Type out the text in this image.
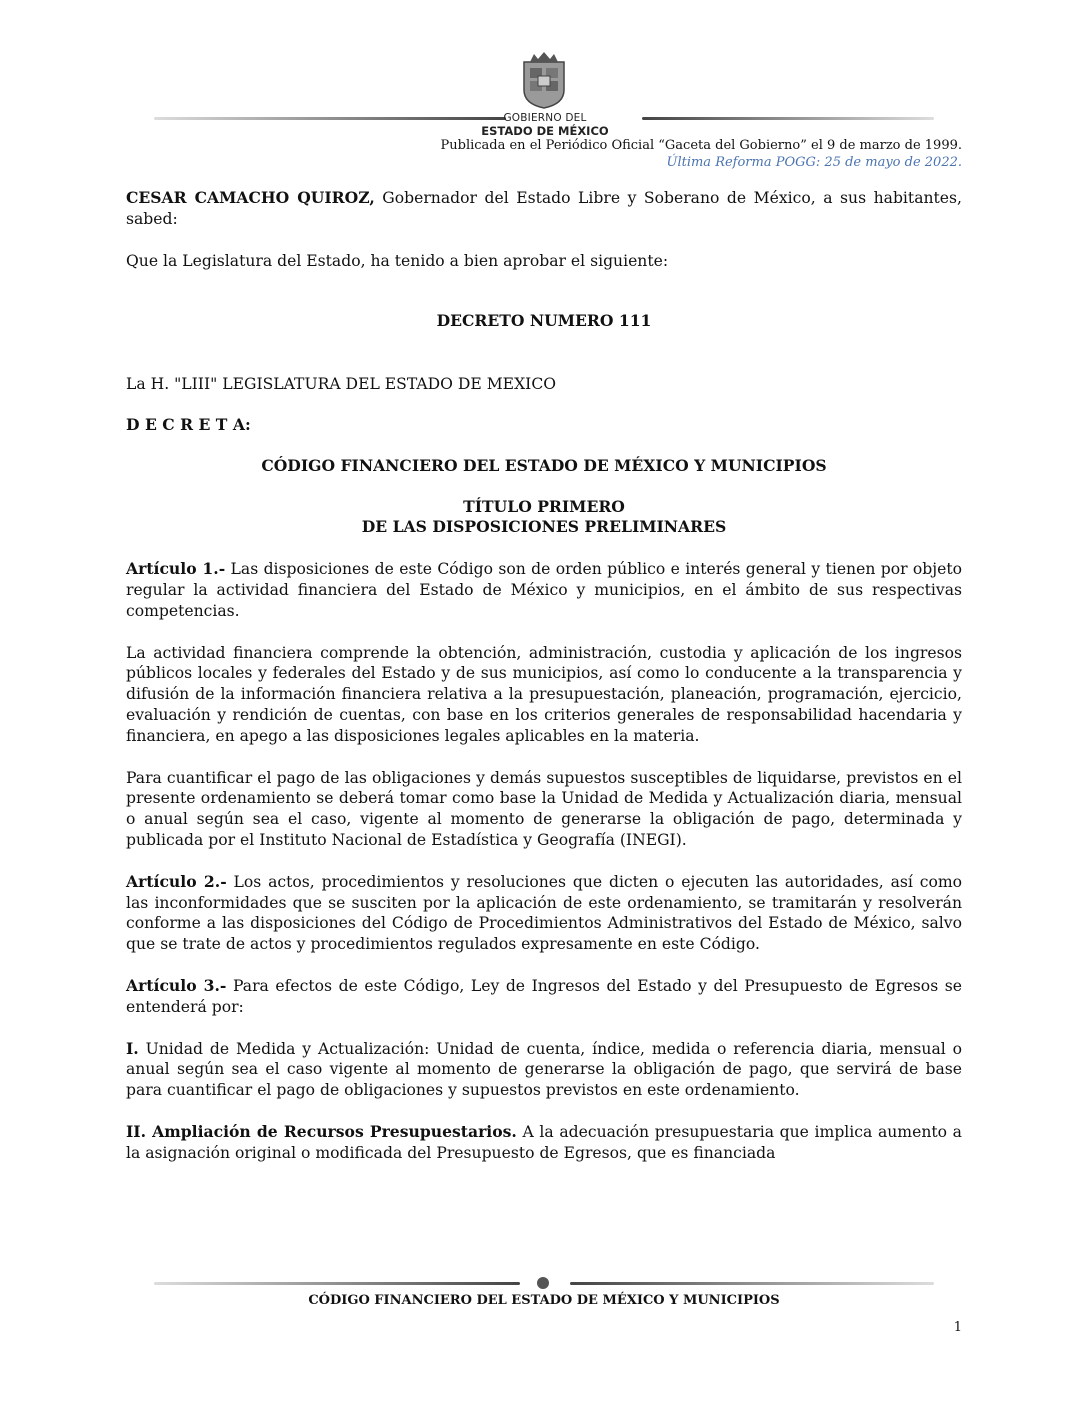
GOBIERNO DEL
ESTADO DE MÉXICO
Publicada en el Periódico Oficial “Gaceta del Gobierno” el 9 de marzo de 1999.
Última Reforma POGG: 25 de mayo de 2022.

CESAR CAMACHO QUIROZ, Gobernador del Estado Libre y Soberano de México, a sus habitantes, sabed:

Que la Legislatura del Estado, ha tenido a bien aprobar el siguiente:

DECRETO NUMERO 111

La H. "LIII" LEGISLATURA DEL ESTADO DE MEXICO

D E C R E T A:

CÓDIGO FINANCIERO DEL ESTADO DE MÉXICO Y MUNICIPIOS

TÍTULO PRIMERO

DE LAS DISPOSICIONES PRELIMINARES

Artículo 1.- Las disposiciones de este Código son de orden público e interés general y tienen por objeto regular la actividad financiera del Estado de México y municipios, en el ámbito de sus respectivas competencias.

La actividad financiera comprende la obtención, administración, custodia y aplicación de los ingresos públicos locales y federales del Estado y de sus municipios, así como lo conducente a la transparencia y difusión de la información financiera relativa a la presupuestación, planeación, programación, ejercicio, evaluación y rendición de cuentas, con base en los criterios generales de responsabilidad hacendaria y financiera, en apego a las disposiciones legales aplicables en la materia.

Para cuantificar el pago de las obligaciones y demás supuestos susceptibles de liquidarse, previstos en el presente ordenamiento se deberá tomar como base la Unidad de Medida y Actualización diaria, mensual o anual según sea el caso, vigente al momento de generarse la obligación de pago, determinada y publicada por el Instituto Nacional de Estadística y Geografía (INEGI).

Artículo 2.- Los actos, procedimientos y resoluciones que dicten o ejecuten las autoridades, así como las inconformidades que se susciten por la aplicación de este ordenamiento, se tramitarán y resolverán conforme a las disposiciones del Código de Procedimientos Administrativos del Estado de México, salvo que se trate de actos y procedimientos regulados expresamente en este Código.

Artículo 3.- Para efectos de este Código, Ley de Ingresos del Estado y del Presupuesto de Egresos se entenderá por:

I. Unidad de Medida y Actualización: Unidad de cuenta, índice, medida o referencia diaria, mensual o anual según sea el caso vigente al momento de generarse la obligación de pago, que servirá de base para cuantificar el pago de obligaciones y supuestos previstos en este ordenamiento.

II. Ampliación de Recursos Presupuestarios. A la adecuación presupuestaria que implica aumento a la asignación original o modificada del Presupuesto de Egresos, que es financiada

CÓDIGO FINANCIERO DEL ESTADO DE MÉXICO Y MUNICIPIOS
1
